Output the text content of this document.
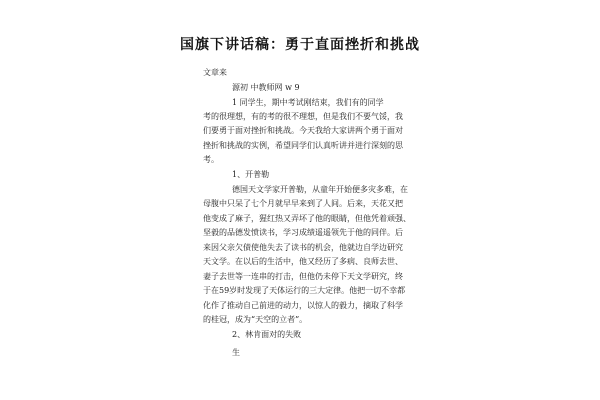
国旗下讲话稿：勇于直面挫折和挑战
文章来
源初 中教师网 w 9
1 同学生，期中考试刚结束，我们有的同学
考的很理想，有的考的很不理想，但是我们不要气馁，我
们要勇于面对挫折和挑战。今天我给大家讲两个勇于面对
挫折和挑战的实例，希望同学们认真听讲并进行深刻的思
考。
1、开普勒
德国天文学家开普勒，从童年开始便多灾多难，在
母腹中只呆了七个月就早早来到了人间。后来，天花又把
他变成了麻子，猩红热又弄坏了他的眼睛，但他凭着顽强、
坚毅的品德发愤读书，学习成绩遥遥领先于他的同伴。后
来因父亲欠债使他失去了读书的机会，他就边自学边研究
天文学。在以后的生活中，他又经历了多病、良师去世、
妻子去世等一连串的打击，但他仍未停下天文学研究，终
于在59岁时发现了天体运行的三大定律。他把一切不幸都
化作了推动自己前进的动力，以惊人的毅力，摘取了科学
的桂冠，成为“天空的立者”。
2、林肯面对的失败
生
